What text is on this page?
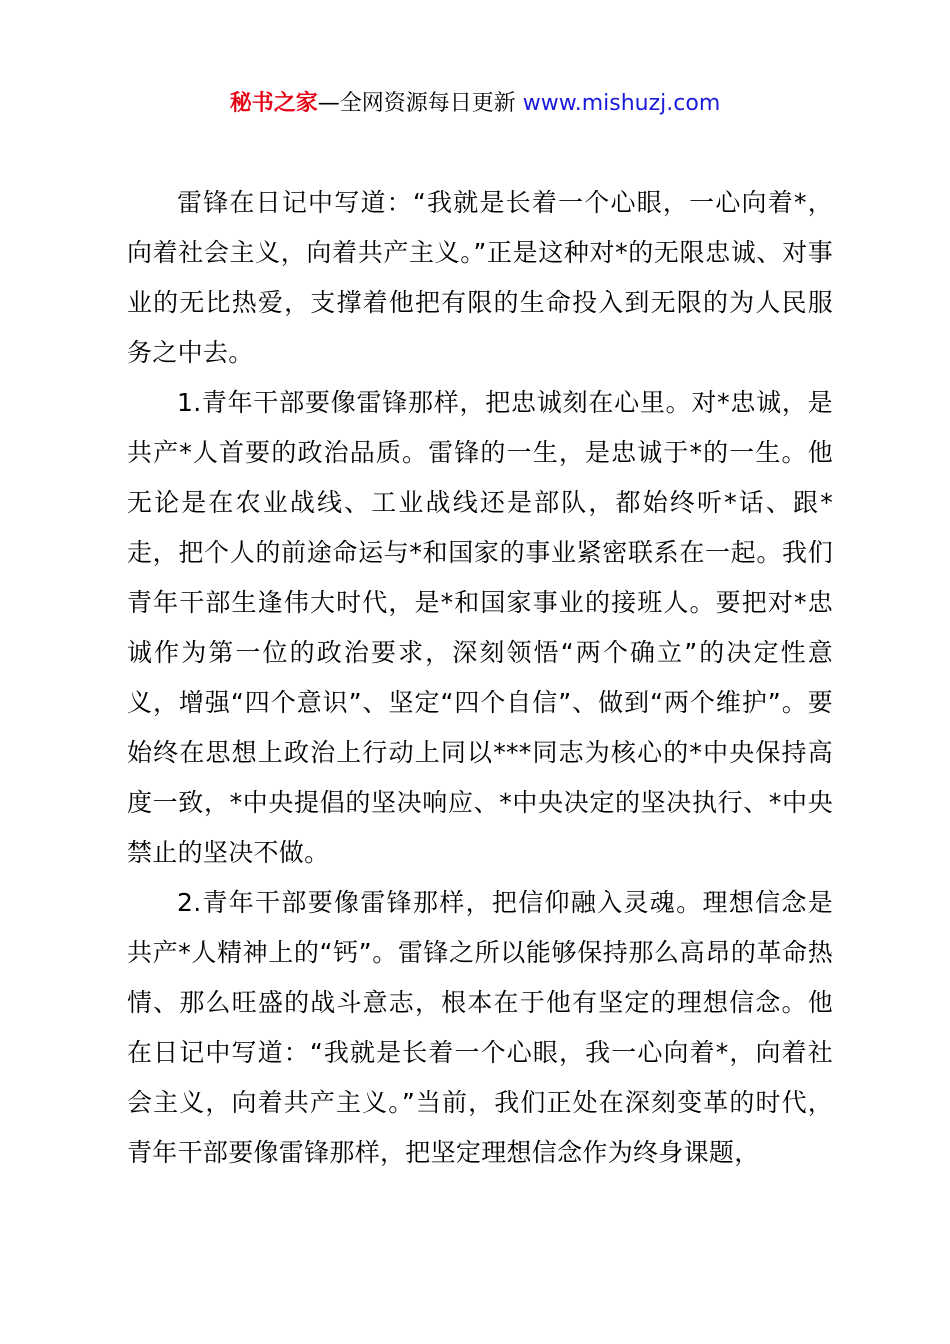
秘书之家—全网资源每日更新 www.mishuzj.com

雷锋在日记中写道：“我就是长着一个心眼，一心向着*，向着社会主义，向着共产主义。”正是这种对*的无限忠诚、对事业的无比热爱，支撑着他把有限的生命投入到无限的为人民服务之中去。

1.青年干部要像雷锋那样，把忠诚刻在心里。对*忠诚，是共产*人首要的政治品质。雷锋的一生，是忠诚于*的一生。他无论是在农业战线、工业战线还是部队，都始终听*话、跟*走，把个人的前途命运与*和国家的事业紧密联系在一起。我们青年干部生逢伟大时代，是*和国家事业的接班人。要把对*忠诚作为第一位的政治要求，深刻领悟“两个确立”的决定性意义，增强“四个意识”、坚定“四个自信”、做到“两个维护”。要始终在思想上政治上行动上同以***同志为核心的*中央保持高度一致，*中央提倡的坚决响应、*中央决定的坚决执行、*中央禁止的坚决不做。

2.青年干部要像雷锋那样，把信仰融入灵魂。理想信念是共产*人精神上的“钙”。雷锋之所以能够保持那么高昂的革命热情、那么旺盛的战斗意志，根本在于他有坚定的理想信念。他在日记中写道：“我就是长着一个心眼，我一心向着*，向着社会主义，向着共产主义。”当前，我们正处在深刻变革的时代，青年干部要像雷锋那样，把坚定理想信念作为终身课题，
